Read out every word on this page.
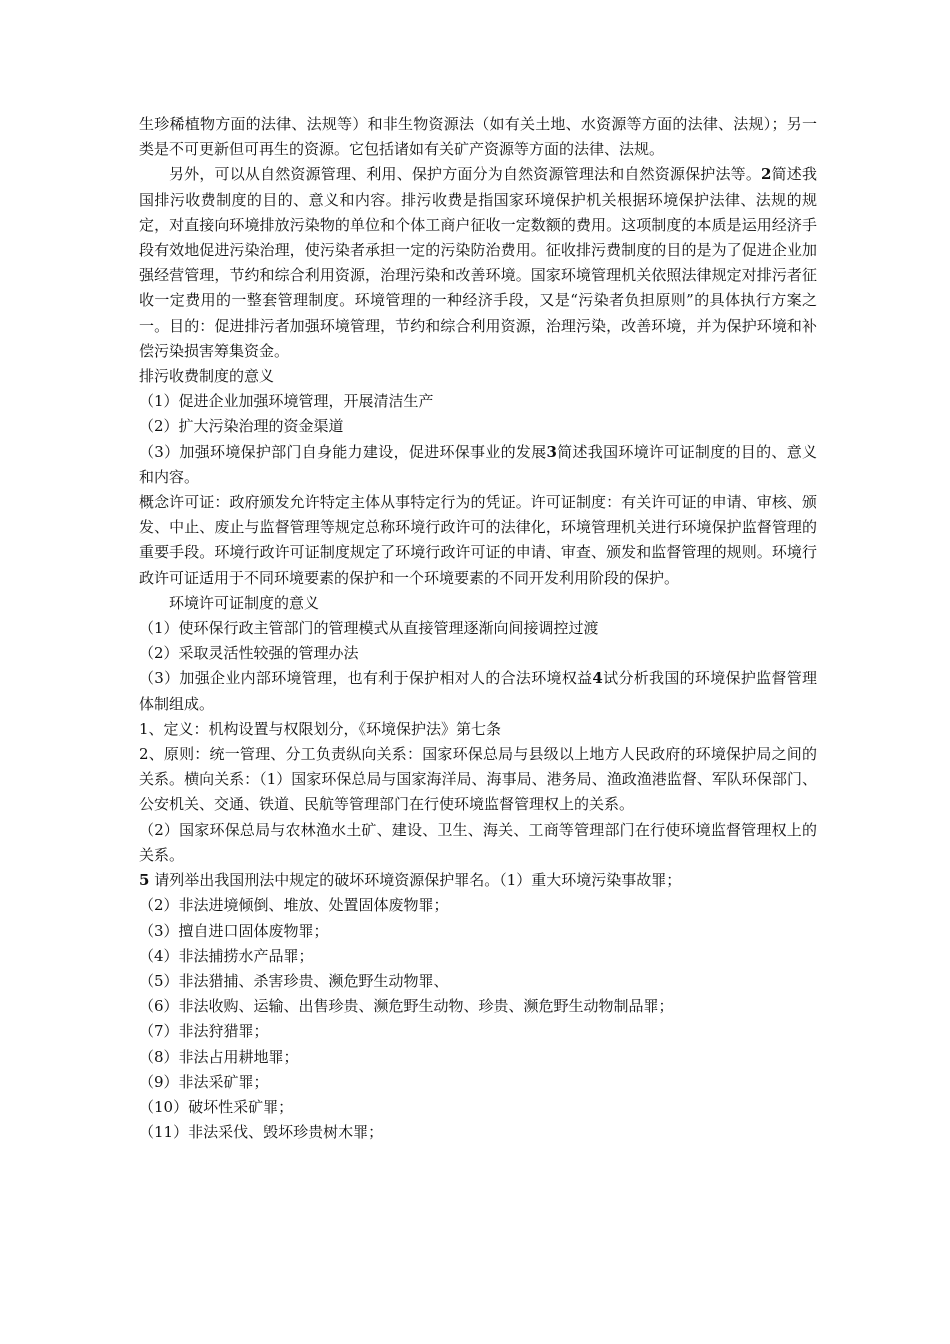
生珍稀植物方面的法律、法规等）和非生物资源法（如有关土地、水资源等方面的法律、法规）；另一类是不可更新但可再生的资源。它包括诸如有关矿产资源等方面的法律、法规。

另外，可以从自然资源管理、利用、保护方面分为自然资源管理法和自然资源保护法等。2简述我国排污收费制度的目的、意义和内容。排污收费是指国家环境保护机关根据环境保护法律、法规的规定，对直接向环境排放污染物的单位和个体工商户征收一定数额的费用。这项制度的本质是运用经济手段有效地促进污染治理，使污染者承担一定的污染防治费用。征收排污费制度的目的是为了促进企业加强经营管理，节约和综合利用资源，治理污染和改善环境。国家环境管理机关依照法律规定对排污者征收一定费用的一整套管理制度。环境管理的一种经济手段，又是“污染者负担原则”的具体执行方案之一。目的：促进排污者加强环境管理，节约和综合利用资源，治理污染，改善环境，并为保护环境和补偿污染损害筹集资金。

排污收费制度的意义

（1）促进企业加强环境管理，开展清洁生产

（2）扩大污染治理的资金渠道

（3）加强环境保护部门自身能力建设，促进环保事业的发展3简述我国环境许可证制度的目的、意义和内容。

概念许可证：政府颁发允许特定主体从事特定行为的凭证。许可证制度：有关许可证的申请、审核、颁发、中止、废止与监督管理等规定总称环境行政许可的法律化，环境管理机关进行环境保护监督管理的重要手段。环境行政许可证制度规定了环境行政许可证的申请、审查、颁发和监督管理的规则。环境行政许可证适用于不同环境要素的保护和一个环境要素的不同开发利用阶段的保护。

环境许可证制度的意义

（1）使环保行政主管部门的管理模式从直接管理逐渐向间接调控过渡

（2）采取灵活性较强的管理办法

（3）加强企业内部环境管理，也有利于保护相对人的合法环境权益4试分析我国的环境保护监督管理体制组成。

1、定义：机构设置与权限划分，《环境保护法》第七条

2、原则：统一管理、分工负责纵向关系：国家环保总局与县级以上地方人民政府的环境保护局之间的关系。横向关系：（1）国家环保总局与国家海洋局、海事局、港务局、渔政渔港监督、军队环保部门、公安机关、交通、铁道、民航等管理部门在行使环境监督管理权上的关系。

（2）国家环保总局与农林渔水土矿、建设、卫生、海关、工商等管理部门在行使环境监督管理权上的关系。

5 请列举出我国刑法中规定的破坏环境资源保护罪名。（1）重大环境污染事故罪；

（2）非法进境倾倒、堆放、处置固体废物罪；

（3）擅自进口固体废物罪；

（4）非法捕捞水产品罪；

（5）非法猎捕、杀害珍贵、濒危野生动物罪、

（6）非法收购、运输、出售珍贵、濒危野生动物、珍贵、濒危野生动物制品罪；

（7）非法狩猎罪；

（8）非法占用耕地罪；

（9）非法采矿罪；

（10）破坏性采矿罪；

（11）非法采伐、毁坏珍贵树木罪；
